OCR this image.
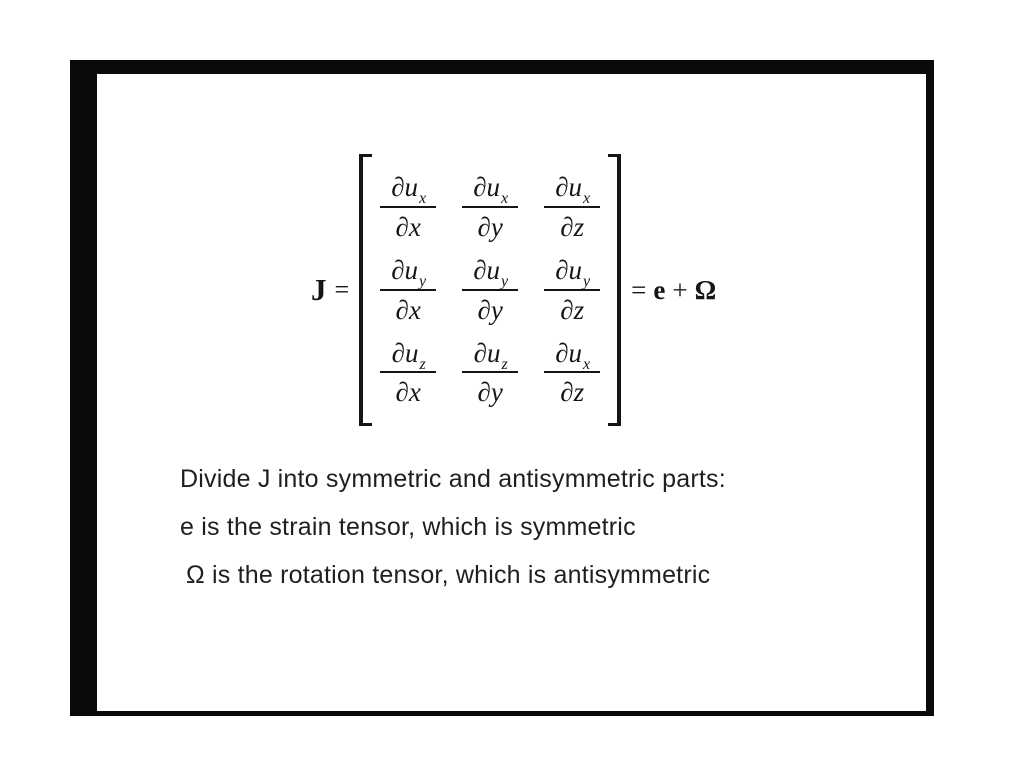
J =
$\frac{\partial u_x}{\partial x} \frac{\partial u_x}{\partial y} \frac{\partial u_x}{\partial z}$
$\frac{\partial u_y}{\partial x} \frac{\partial u_y}{\partial y} \frac{\partial u_y}{\partial z}$
$\frac{\partial u_z}{\partial x} \frac{\partial u_z}{\partial y} \frac{\partial u_x}{\partial z}$
= e + Ω

Divide J into symmetric and antisymmetric parts:

e is the strain tensor, which is symmetric

Ω is the rotation tensor, which is antisymmetric
